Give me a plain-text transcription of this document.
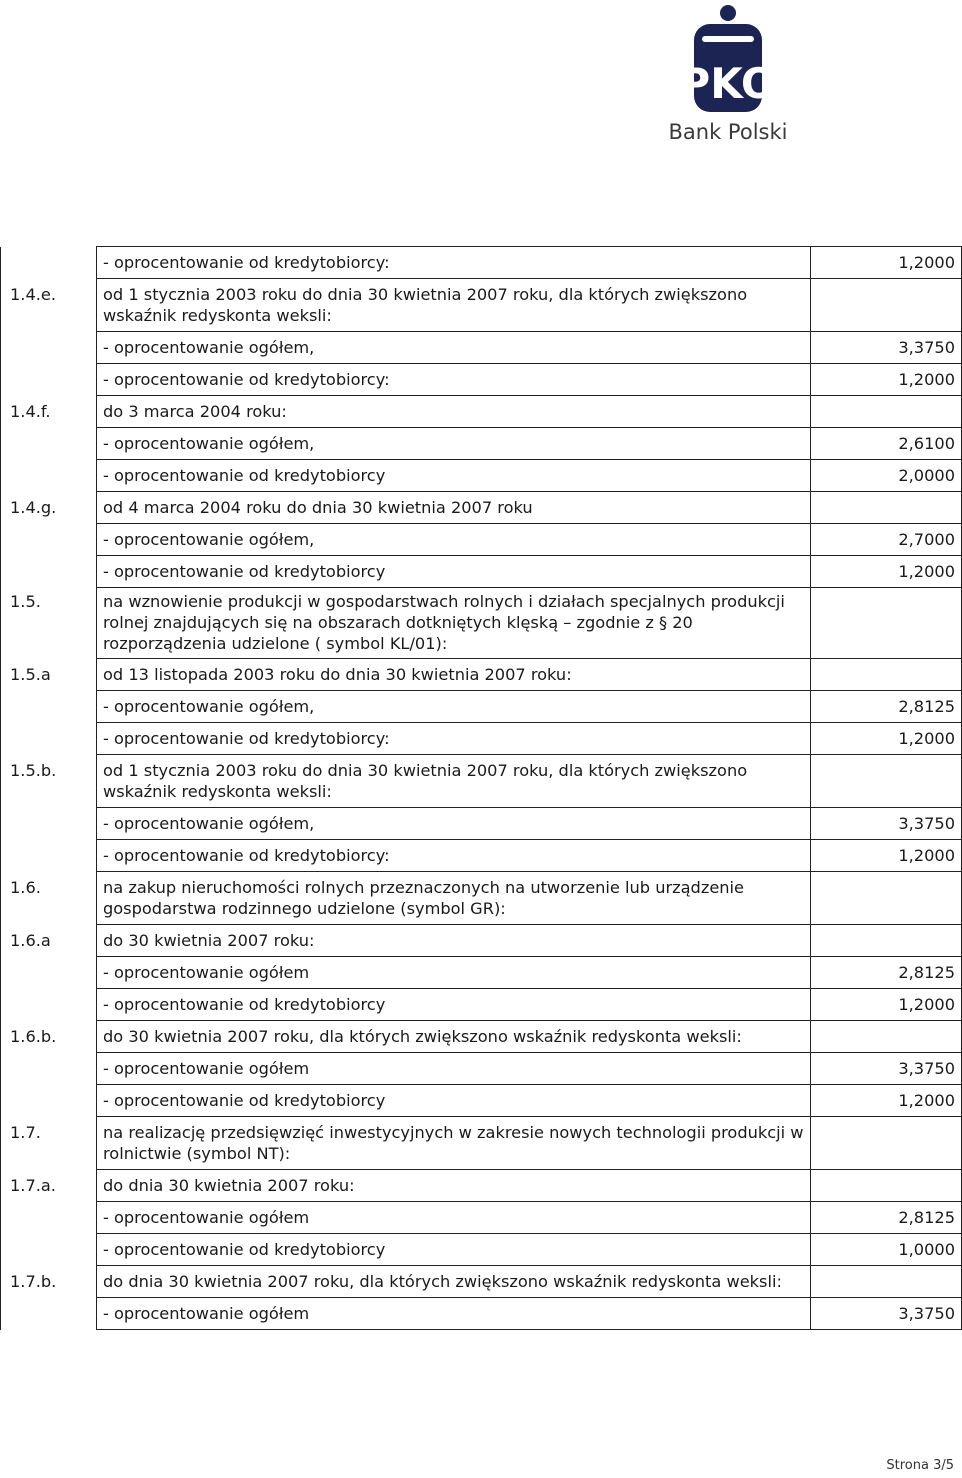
PKO
Bank Polski
	- oprocentowanie od kredytobiorcy:	1,2000
1.4.e.	od 1 stycznia 2003 roku do dnia 30 kwietnia 2007 roku, dla których zwiększono wskaźnik redyskonta weksli:	
	- oprocentowanie ogółem,	3,3750
	- oprocentowanie od kredytobiorcy:	1,2000
1.4.f.	do 3 marca 2004 roku:	
	- oprocentowanie ogółem,	2,6100
	- oprocentowanie od kredytobiorcy	2,0000
1.4.g.	od 4 marca 2004 roku do dnia 30 kwietnia 2007 roku	
	- oprocentowanie ogółem,	2,7000
	- oprocentowanie od kredytobiorcy	1,2000
1.5.	na wznowienie produkcji w gospodarstwach rolnych i działach specjalnych produkcji rolnej znajdujących się na obszarach dotkniętych klęską – zgodnie z § 20 rozporządzenia udzielone ( symbol KL/01):	
1.5.a	od 13 listopada 2003 roku do dnia 30 kwietnia 2007 roku:	
	- oprocentowanie ogółem,	2,8125
	- oprocentowanie od kredytobiorcy:	1,2000
1.5.b.	od 1 stycznia 2003 roku do dnia 30 kwietnia 2007 roku, dla których zwiększono wskaźnik redyskonta weksli:	
	- oprocentowanie ogółem,	3,3750
	- oprocentowanie od kredytobiorcy:	1,2000
1.6.	na zakup nieruchomości rolnych przeznaczonych na utworzenie lub urządzenie gospodarstwa rodzinnego udzielone (symbol GR):	
1.6.a	do 30 kwietnia 2007 roku:	
	- oprocentowanie ogółem	2,8125
	- oprocentowanie od kredytobiorcy	1,2000
1.6.b.	do 30 kwietnia 2007 roku, dla których zwiększono wskaźnik redyskonta weksli:	
	- oprocentowanie ogółem	3,3750
	- oprocentowanie od kredytobiorcy	1,2000
1.7.	na realizację przedsięwzięć inwestycyjnych w zakresie nowych technologii produkcji w rolnictwie (symbol NT):	
1.7.a.	do dnia 30 kwietnia 2007 roku:	
	- oprocentowanie ogółem	2,8125
	- oprocentowanie od kredytobiorcy	1,0000
1.7.b.	do dnia 30 kwietnia 2007 roku, dla których zwiększono wskaźnik redyskonta weksli:	
	- oprocentowanie ogółem	3,3750
Strona 3/5
